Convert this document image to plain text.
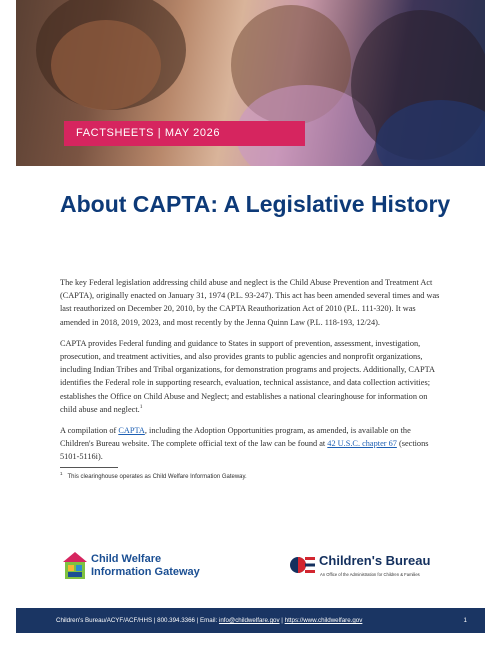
FACTSHEETS | MAY 2026
About CAPTA: A Legislative History

The key Federal legislation addressing child abuse and neglect is the Child Abuse Prevention and Treatment Act (CAPTA), originally enacted on January 31, 1974 (P.L. 93-247). This act has been amended several times and was last reauthorized on December 20, 2010, by the CAPTA Reauthorization Act of 2010 (P.L. 111-320). It was amended in 2018, 2019, 2023, and most recently by the Jenna Quinn Law (P.L. 118-193, 12/24).

CAPTA provides Federal funding and guidance to States in support of prevention, assessment, investigation, prosecution, and treatment activities, and also provides grants to public agencies and nonprofit organizations, including Indian Tribes and Tribal organizations, for demonstration programs and projects. Additionally, CAPTA identifies the Federal role in supporting research, evaluation, technical assistance, and data collection activities; establishes the Office on Child Abuse and Neglect; and establishes a national clearinghouse for information on child abuse and neglect.$^1$

A compilation of CAPTA, including the Adoption Opportunities program, as amended, is available on the Children's Bureau website. The complete official text of the law can be found at 42 U.S.C. chapter 67 (sections 5101-5116i).

$^1$This clearinghouse operates as Child Welfare Information Gateway.
Child Welfare
Information Gateway
Children's Bureau
An Office of the Administration for Children & Families
Children's Bureau/ACYF/ACF/HHS | 800.394.3366 | Email: info@childwelfare.gov | https://www.childwelfare.gov	1
